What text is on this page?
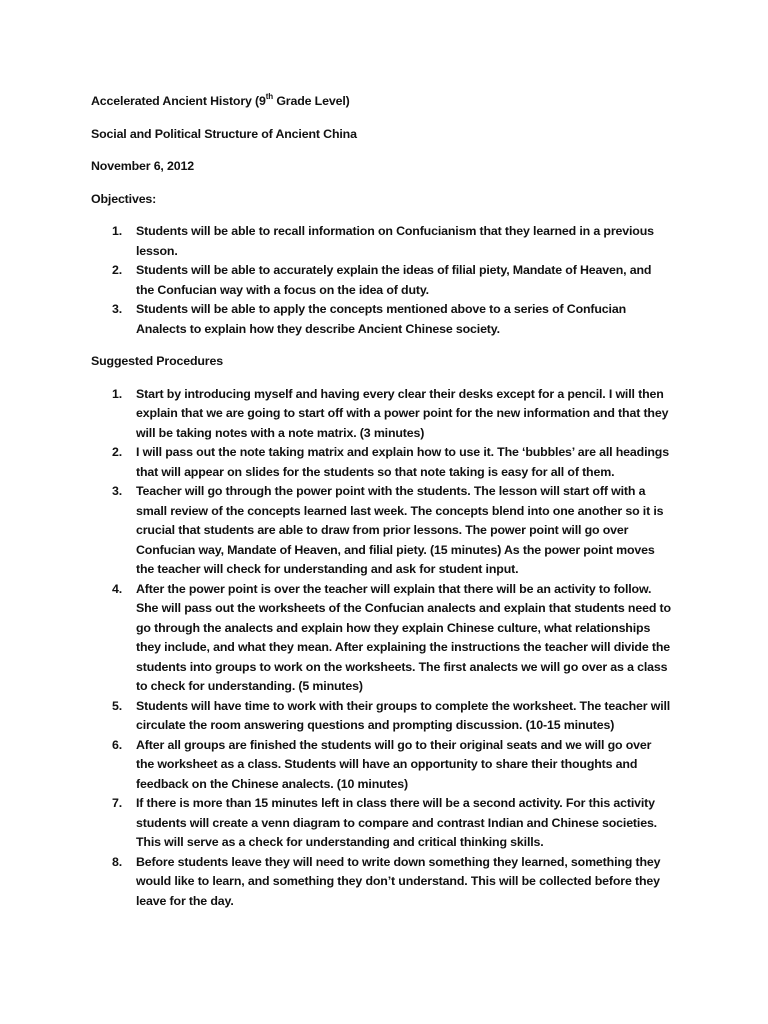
Accelerated Ancient History (9th Grade Level)

Social and Political Structure of Ancient China

November 6, 2012

Objectives:

1. Students will be able to recall information on Confucianism that they learned in a previous lesson.
2. Students will be able to accurately explain the ideas of filial piety, Mandate of Heaven, and the Confucian way with a focus on the idea of duty.
3. Students will be able to apply the concepts mentioned above to a series of Confucian Analects to explain how they describe Ancient Chinese society.

Suggested Procedures

1. Start by introducing myself and having every clear their desks except for a pencil. I will then explain that we are going to start off with a power point for the new information and that they will be taking notes with a note matrix. (3 minutes)
2. I will pass out the note taking matrix and explain how to use it. The ‘bubbles’ are all headings that will appear on slides for the students so that note taking is easy for all of them.
3. Teacher will go through the power point with the students. The lesson will start off with a small review of the concepts learned last week. The concepts blend into one another so it is crucial that students are able to draw from prior lessons. The power point will go over Confucian way, Mandate of Heaven, and filial piety. (15 minutes) As the power point moves the teacher will check for understanding and ask for student input.
4. After the power point is over the teacher will explain that there will be an activity to follow. She will pass out the worksheets of the Confucian analects and explain that students need to go through the analects and explain how they explain Chinese culture, what relationships they include, and what they mean. After explaining the instructions the teacher will divide the students into groups to work on the worksheets. The first analects we will go over as a class to check for understanding. (5 minutes)
5. Students will have time to work with their groups to complete the worksheet. The teacher will circulate the room answering questions and prompting discussion. (10-15 minutes)
6. After all groups are finished the students will go to their original seats and we will go over the worksheet as a class. Students will have an opportunity to share their thoughts and feedback on the Chinese analects. (10 minutes)
7. If there is more than 15 minutes left in class there will be a second activity. For this activity students will create a venn diagram to compare and contrast Indian and Chinese societies. This will serve as a check for understanding and critical thinking skills.
8. Before students leave they will need to write down something they learned, something they would like to learn, and something they don’t understand. This will be collected before they leave for the day.
